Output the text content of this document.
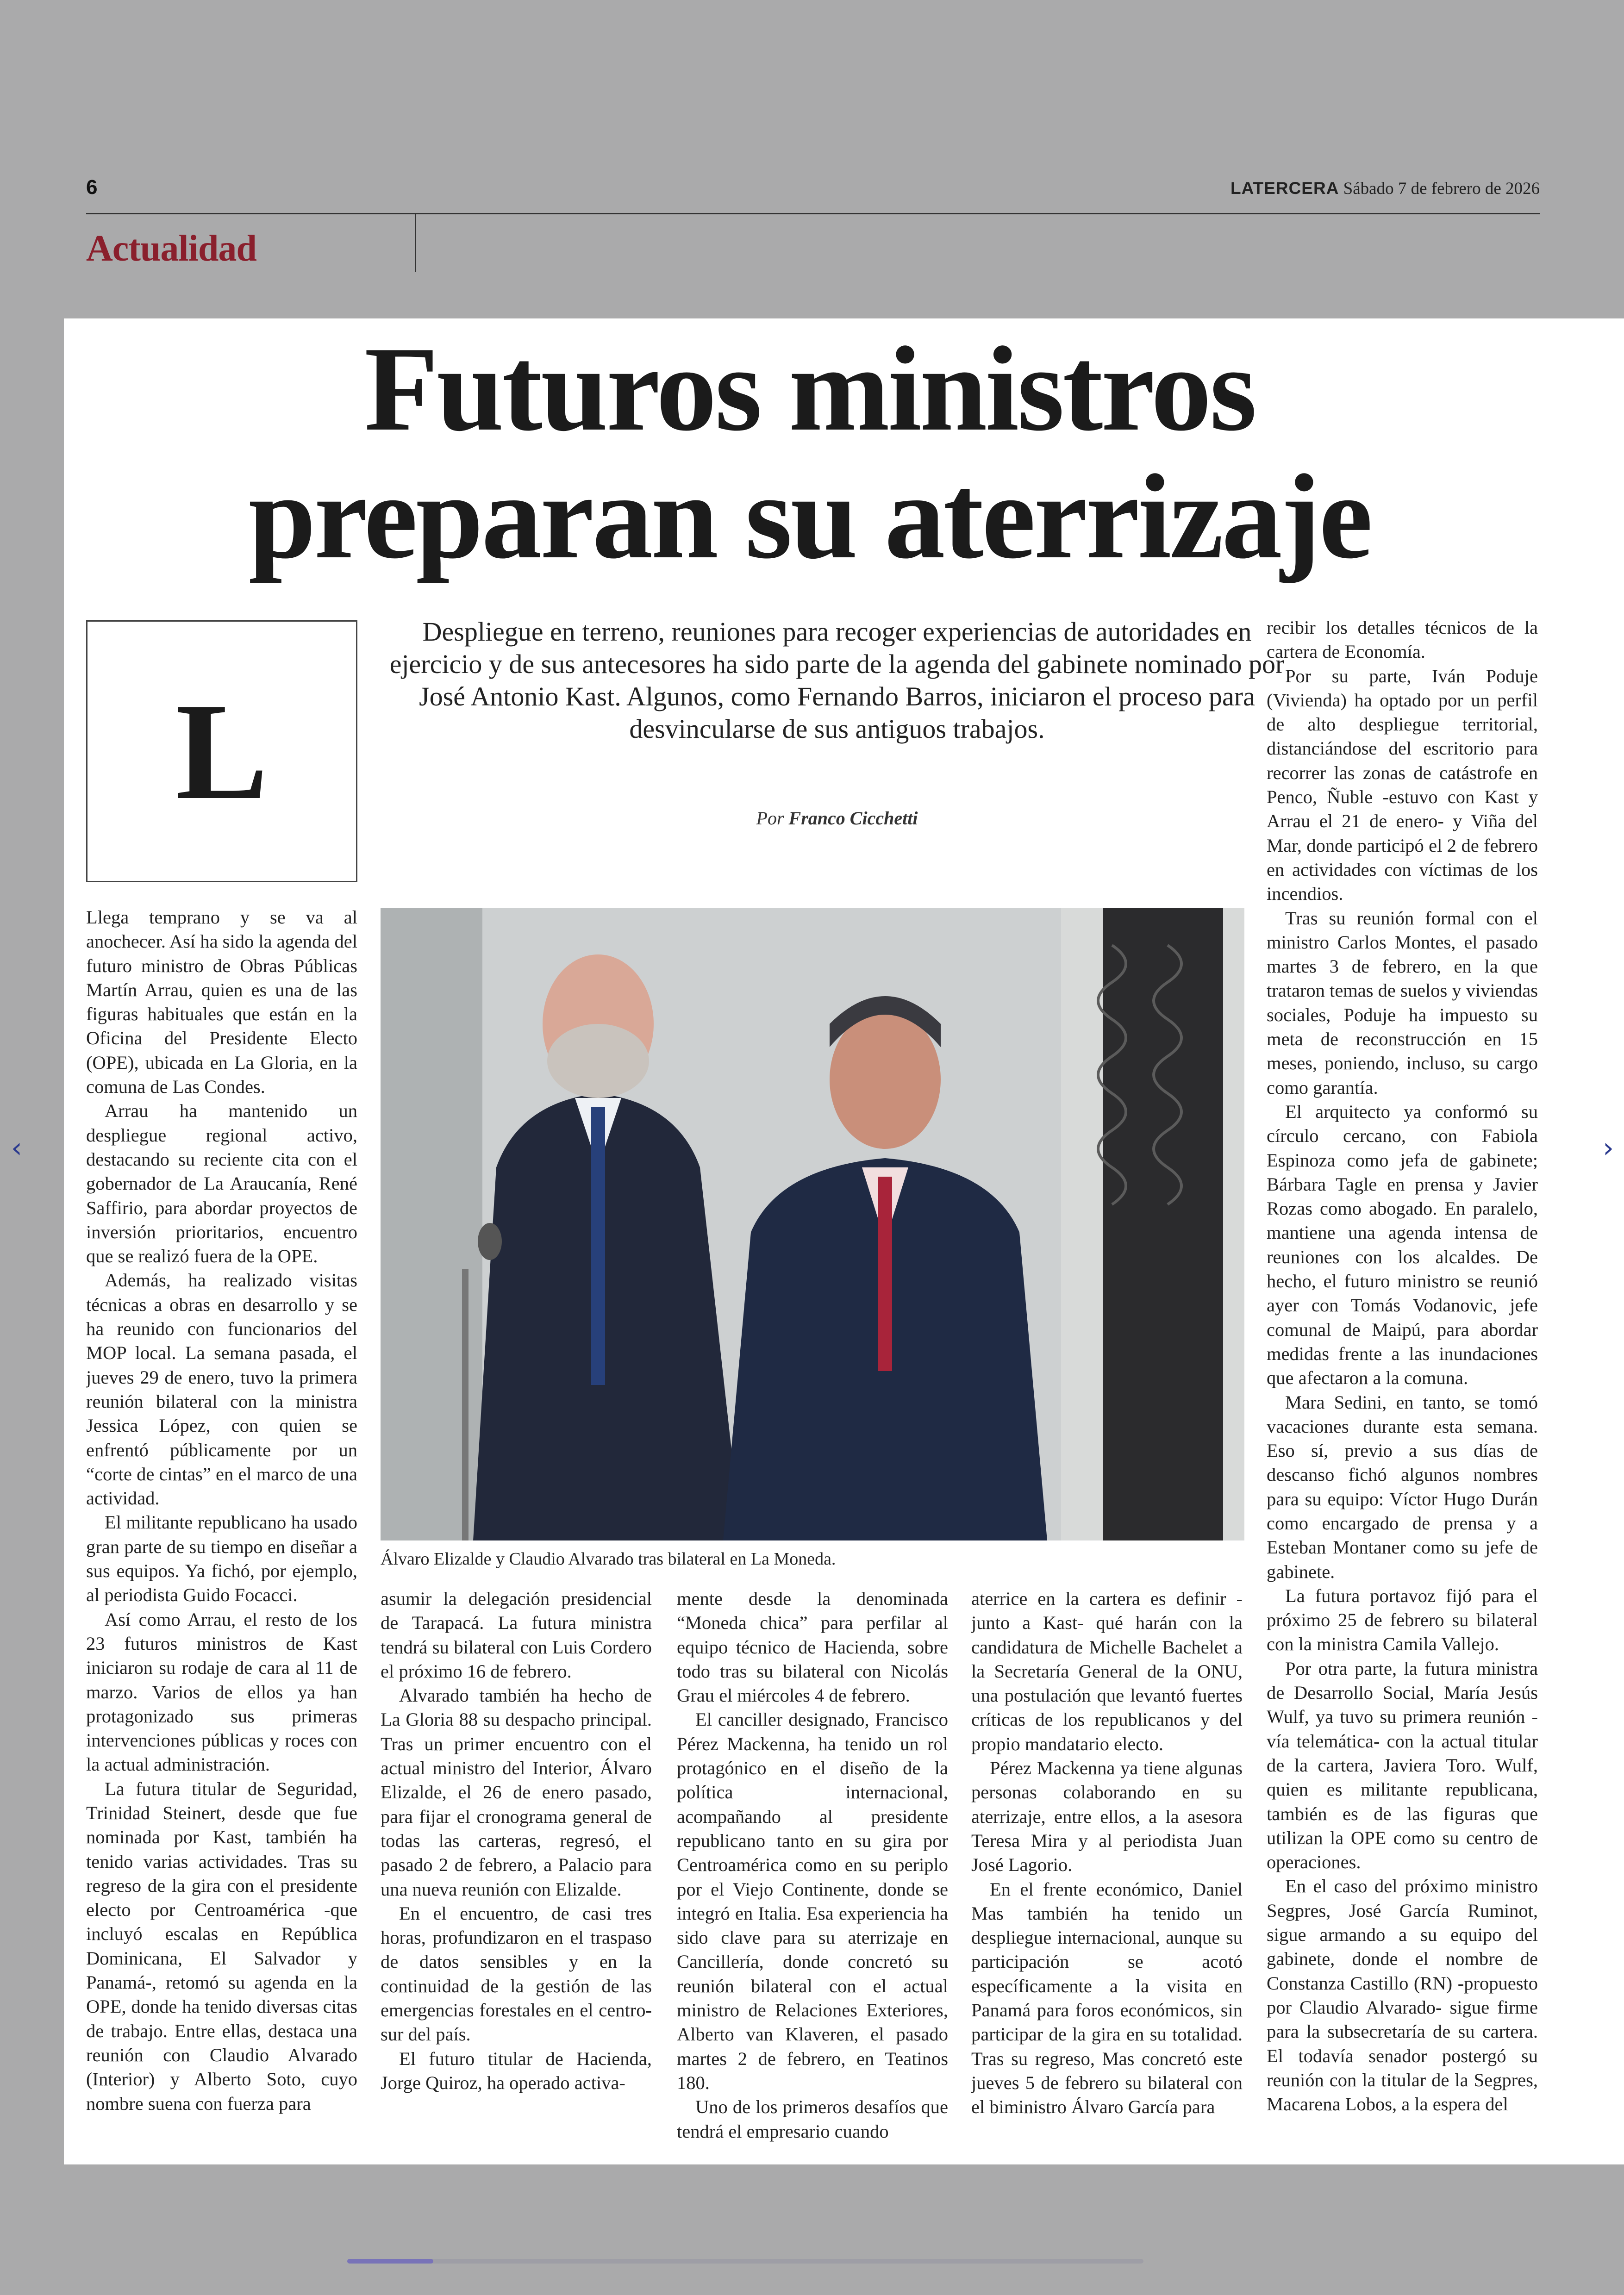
6	LATERCERA Sábado 7 de febrero de 2026
Actualidad
Futuros ministros
preparan su aterrizaje
L
Despliegue en terreno, reuniones para recoger experiencias de autoridades en ejercicio y de sus antecesores ha sido parte de la agenda del gabinete nominado por José Antonio Kast. Algunos, como Fernando Barros, iniciaron el proceso para desvincularse de sus antiguos trabajos.
Por Franco Cicchetti
Álvaro Elizalde y Claudio Alvarado tras bilateral en La Moneda.

Llega temprano y se va al anochecer. Así ha sido la agenda del futuro ministro de Obras Públicas Martín Arrau, quien es una de las figuras habituales que están en la Oficina del Presidente Electo (OPE), ubicada en La Gloria, en la comuna de Las Condes.

Arrau ha mantenido un despliegue regional activo, destacando su reciente cita con el gobernador de La Araucanía, René Saffirio, para abordar proyectos de inversión prioritarios, encuentro que se realizó fuera de la OPE.

Además, ha realizado visitas técnicas a obras en desarrollo y se ha reunido con funcionarios del MOP local. La semana pasada, el jueves 29 de enero, tuvo la primera reunión bilateral con la ministra Jessica López, con quien se enfrentó públicamente por un “corte de cintas” en el marco de una actividad.

El militante republicano ha usado gran parte de su tiempo en diseñar a sus equipos. Ya fichó, por ejemplo, al periodista Guido Focacci.

Así como Arrau, el resto de los 23 futuros ministros de Kast iniciaron su rodaje de cara al 11 de marzo. Varios de ellos ya han protagonizado sus primeras intervenciones públicas y roces con la actual administración.

La futura titular de Seguridad, Trinidad Steinert, desde que fue nominada por Kast, también ha tenido varias actividades. Tras su regreso de la gira con el presidente electo por Centroamérica -que incluyó escalas en República Dominicana, El Salvador y Panamá-, retomó su agenda en la OPE, donde ha tenido diversas citas de trabajo. Entre ellas, destaca una reunión con Claudio Alvarado (Interior) y Alberto Soto, cuyo nombre suena con fuerza para

asumir la delegación presidencial de Tarapacá. La futura ministra tendrá su bilateral con Luis Cordero el próximo 16 de febrero.

Alvarado también ha hecho de La Gloria 88 su despacho principal. Tras un primer encuentro con el actual ministro del Interior, Álvaro Elizalde, el 26 de enero pasado, para fijar el cronograma general de todas las carteras, regresó, el pasado 2 de febrero, a Palacio para una nueva reunión con Elizalde.

En el encuentro, de casi tres horas, profundizaron en el traspaso de datos sensibles y en la continuidad de la gestión de las emergencias forestales en el centro-sur del país.

El futuro titular de Hacienda, Jorge Quiroz, ha operado activa-

mente desde la denominada “Moneda chica” para perfilar al equipo técnico de Hacienda, sobre todo tras su bilateral con Nicolás Grau el miércoles 4 de febrero.

El canciller designado, Francisco Pérez Mackenna, ha tenido un rol protagónico en el diseño de la política internacional, acompañando al presidente republicano tanto en su gira por Centroamérica como en su periplo por el Viejo Continente, donde se integró en Italia. Esa experiencia ha sido clave para su aterrizaje en Cancillería, donde concretó su reunión bilateral con el actual ministro de Relaciones Exteriores, Alberto van Klaveren, el pasado martes 2 de febrero, en Teatinos 180.

Uno de los primeros desafíos que tendrá el empresario cuando

aterrice en la cartera es definir -junto a Kast- qué harán con la candidatura de Michelle Bachelet a la Secretaría General de la ONU, una postulación que levantó fuertes críticas de los republicanos y del propio mandatario electo.

Pérez Mackenna ya tiene algunas personas colaborando en su aterrizaje, entre ellos, a la asesora Teresa Mira y al periodista Juan José Lagorio.

En el frente económico, Daniel Mas también ha tenido un despliegue internacional, aunque su participación se acotó específicamente a la visita en Panamá para foros económicos, sin participar de la gira en su totalidad. Tras su regreso, Mas concretó este jueves 5 de febrero su bilateral con el biministro Álvaro García para

recibir los detalles técnicos de la cartera de Economía.

Por su parte, Iván Poduje (Vivienda) ha optado por un perfil de alto despliegue territorial, distanciándose del escritorio para recorrer las zonas de catástrofe en Penco, Ñuble -estuvo con Kast y Arrau el 21 de enero- y Viña del Mar, donde participó el 2 de febrero en actividades con víctimas de los incendios.

Tras su reunión formal con el ministro Carlos Montes, el pasado martes 3 de febrero, en la que trataron temas de suelos y viviendas sociales, Poduje ha impuesto su meta de reconstrucción en 15 meses, poniendo, incluso, su cargo como garantía.

El arquitecto ya conformó su círculo cercano, con Fabiola Espinoza como jefa de gabinete; Bárbara Tagle en prensa y Javier Rozas como abogado. En paralelo, mantiene una agenda intensa de reuniones con los alcaldes. De hecho, el futuro ministro se reunió ayer con Tomás Vodanovic, jefe comunal de Maipú, para abordar medidas frente a las inundaciones que afectaron a la comuna.

Mara Sedini, en tanto, se tomó vacaciones durante esta semana. Eso sí, previo a sus días de descanso fichó algunos nombres para su equipo: Víctor Hugo Durán como encargado de prensa y a Esteban Montaner como su jefe de gabinete.

La futura portavoz fijó para el próximo 25 de febrero su bilateral con la ministra Camila Vallejo.

Por otra parte, la futura ministra de Desarrollo Social, María Jesús Wulf, ya tuvo su primera reunión -vía telemática- con la actual titular de la cartera, Javiera Toro. Wulf, quien es militante republicana, también es de las figuras que utilizan la OPE como su centro de operaciones.

En el caso del próximo ministro Segpres, José García Ruminot, sigue armando a su equipo del gabinete, donde el nombre de Constanza Castillo (RN) -propuesto por Claudio Alvarado- sigue firme para la subsecretaría de su cartera. El todavía senador postergó su reunión con la titular de la Segpres, Macarena Lobos, a la espera del

‹	›
